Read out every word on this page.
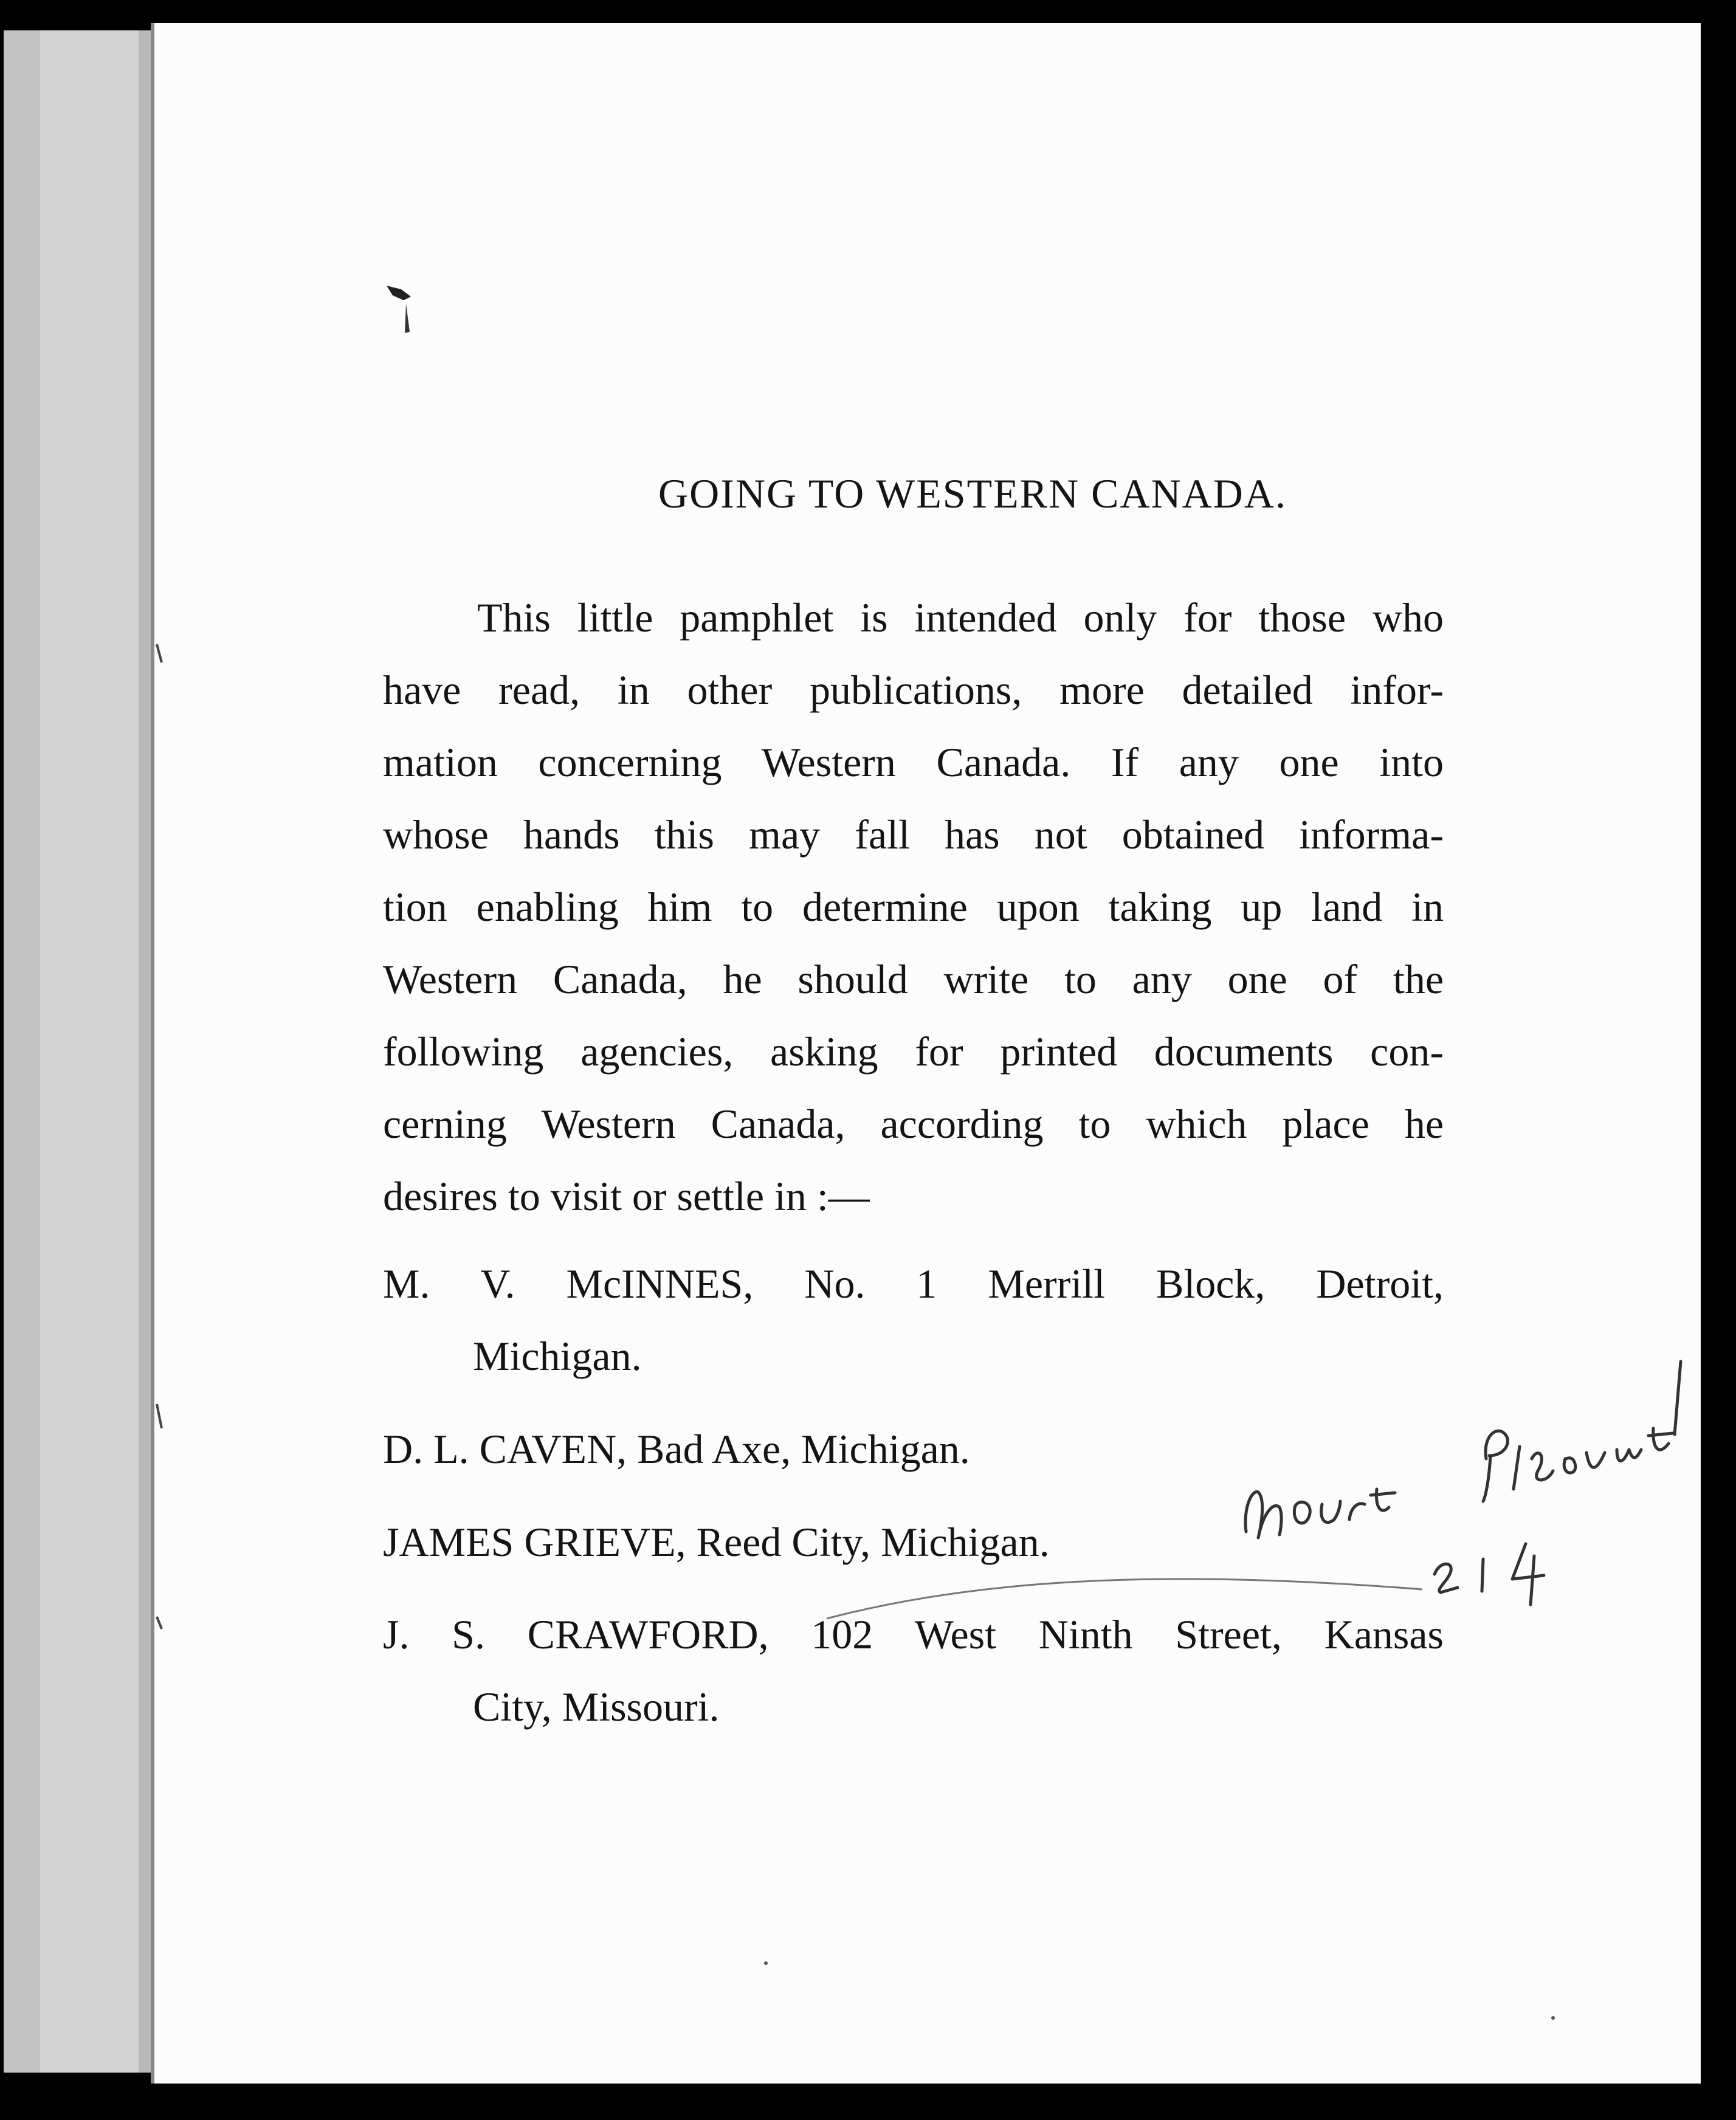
GOING TO WESTERN CANADA.
This little pamphlet is intended only for those who
have read, in other publications, more detailed infor-
mation concerning Western Canada. If any one into
whose hands this may fall has not obtained informa-
tion enabling him to determine upon taking up land in
Western Canada, he should write to any one of the
following agencies, asking for printed documents con-
cerning Western Canada, according to which place he
desires to visit or settle in :—
M. V. McINNES, No. 1 Merrill Block, Detroit,
Michigan.
D. L. CAVEN, Bad Axe, Michigan.
JAMES GRIEVE, Reed City, Michigan.
J. S. CRAWFORD, 102 West Ninth Street, Kansas
City, Missouri.
